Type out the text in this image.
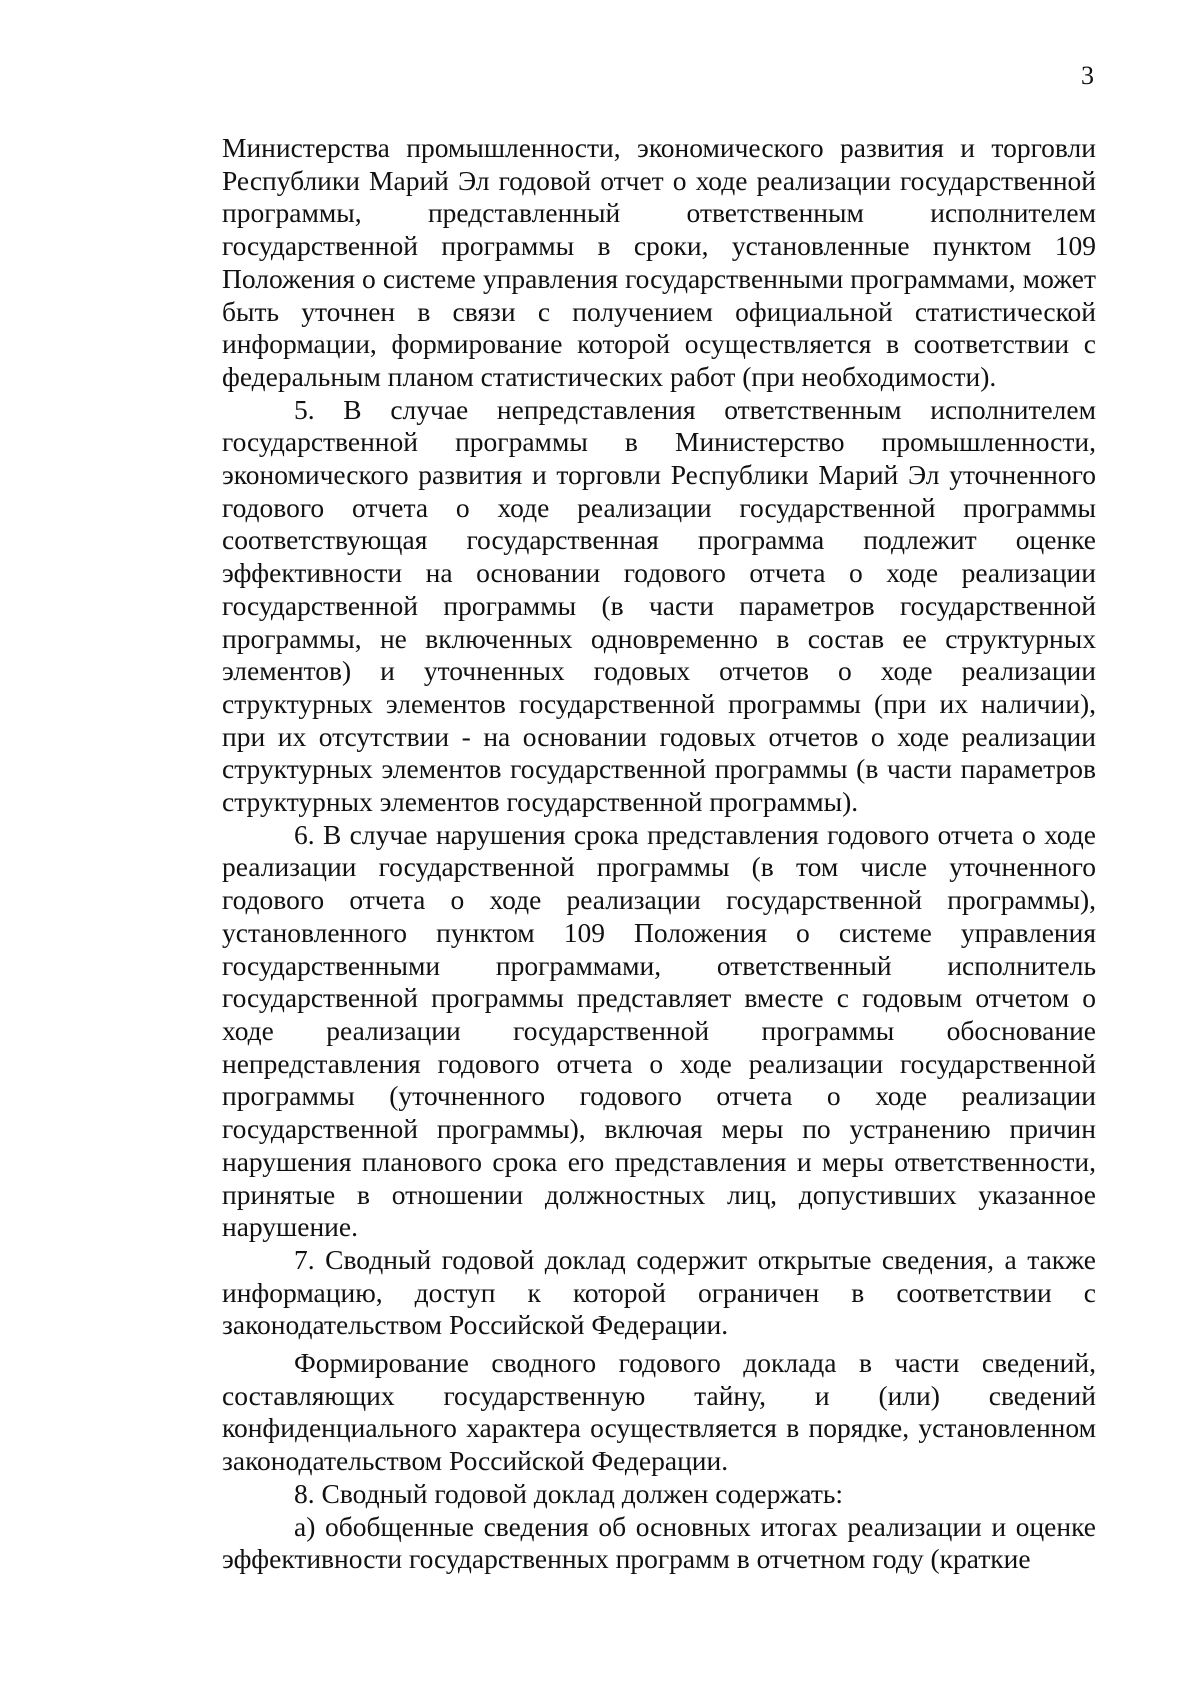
3

Министерства промышленности, экономического развития и торговли Республики Марий Эл годовой отчет о ходе реализации государственной программы, представленный ответственным исполнителем государственной программы в сроки, установленные пунктом 109 Положения о системе управления государственными программами, может быть уточнен в связи с получением официальной статистической информации, формирование которой осуществляется в соответствии с федеральным планом статистических работ (при необходимости).

5. В случае непредставления ответственным исполнителем государственной программы в Министерство промышленности, экономического развития и торговли Республики Марий Эл уточненного годового отчета о ходе реализации государственной программы соответствующая государственная программа подлежит оценке эффективности на основании годового отчета о ходе реализации государственной программы (в части параметров государственной программы, не включенных одновременно в состав ее структурных элементов) и уточненных годовых отчетов о ходе реализации структурных элементов государственной программы (при их наличии), при их отсутствии - на основании годовых отчетов о ходе реализации структурных элементов государственной программы (в части параметров структурных элементов государственной программы).

6. В случае нарушения срока представления годового отчета о ходе реализации государственной программы (в том числе уточненного годового отчета о ходе реализации государственной программы), установленного пунктом 109 Положения о системе управления государственными программами, ответственный исполнитель государственной программы представляет вместе с годовым отчетом о ходе реализации государственной программы обоснование непредставления годового отчета о ходе реализации государственной программы (уточненного годового отчета о ходе реализации государственной программы), включая меры по устранению причин нарушения планового срока его представления и меры ответственности, принятые в отношении должностных лиц, допустивших указанное нарушение.

7. Сводный годовой доклад содержит открытые сведения, а также информацию, доступ к которой ограничен в соответствии с законодательством Российской Федерации.

Формирование сводного годового доклада в части сведений, составляющих государственную тайну, и (или) сведений конфиденциального характера осуществляется в порядке, установленном законодательством Российской Федерации.

8. Сводный годовой доклад должен содержать:

а) обобщенные сведения об основных итогах реализации и оценке эффективности государственных программ в отчетном году (краткие
